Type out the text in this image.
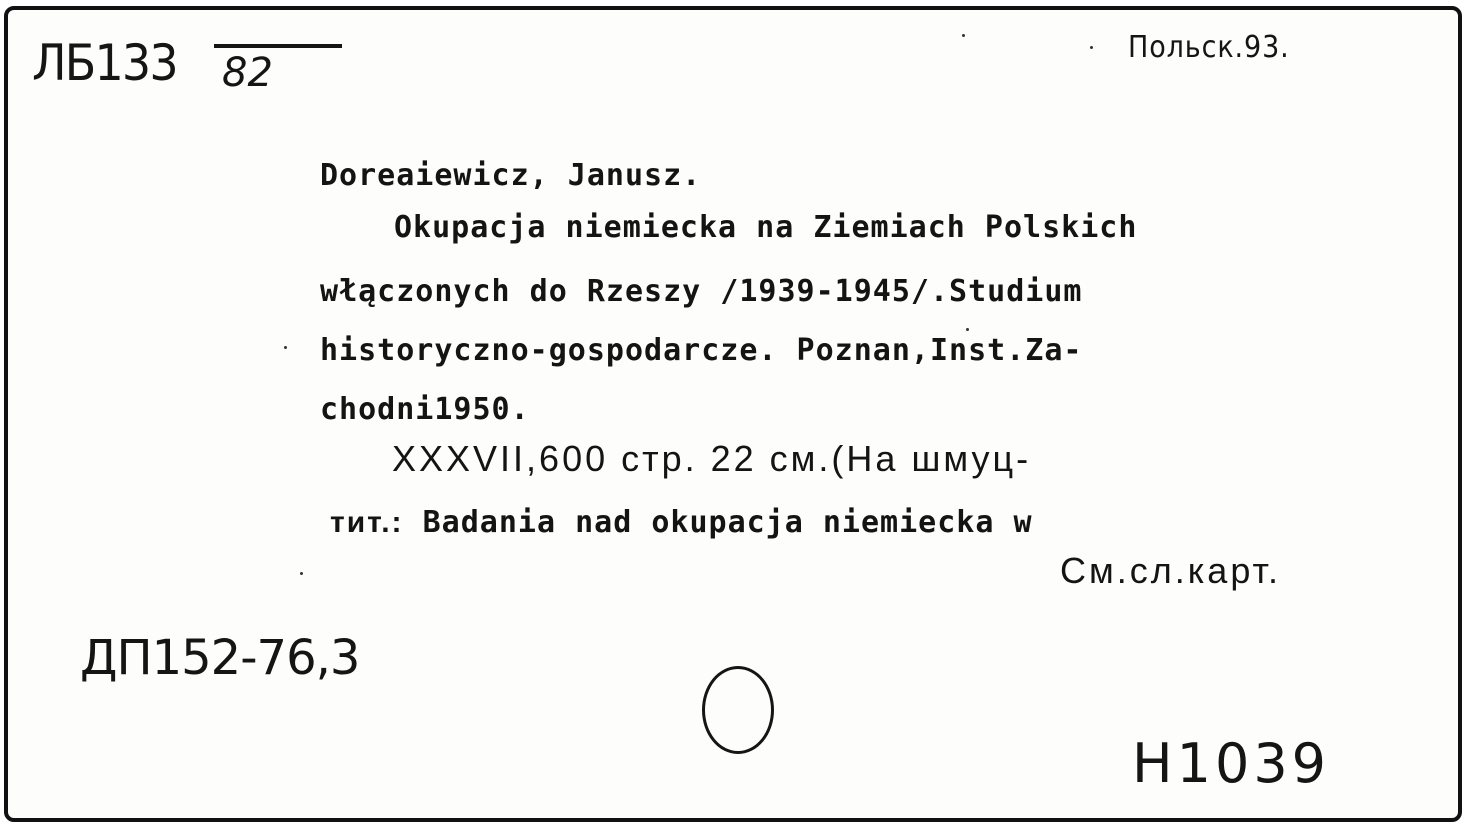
ЛБ133 82
Польск.93.
Doreaiewicz, Janusz.
Okupacja niemiecka na Ziemiach Polskich
włączonych do Rzeszy /1939-1945/.Studium
historyczno-gospodarcze. Poznan,Inst.Za-
chodni1950.
XXXVII,600 стр. 22 см.(На шмуц-
тит.: Badania nad okupacja niemiecka w
См.сл.карт.
ДП152-76,3
H1039
